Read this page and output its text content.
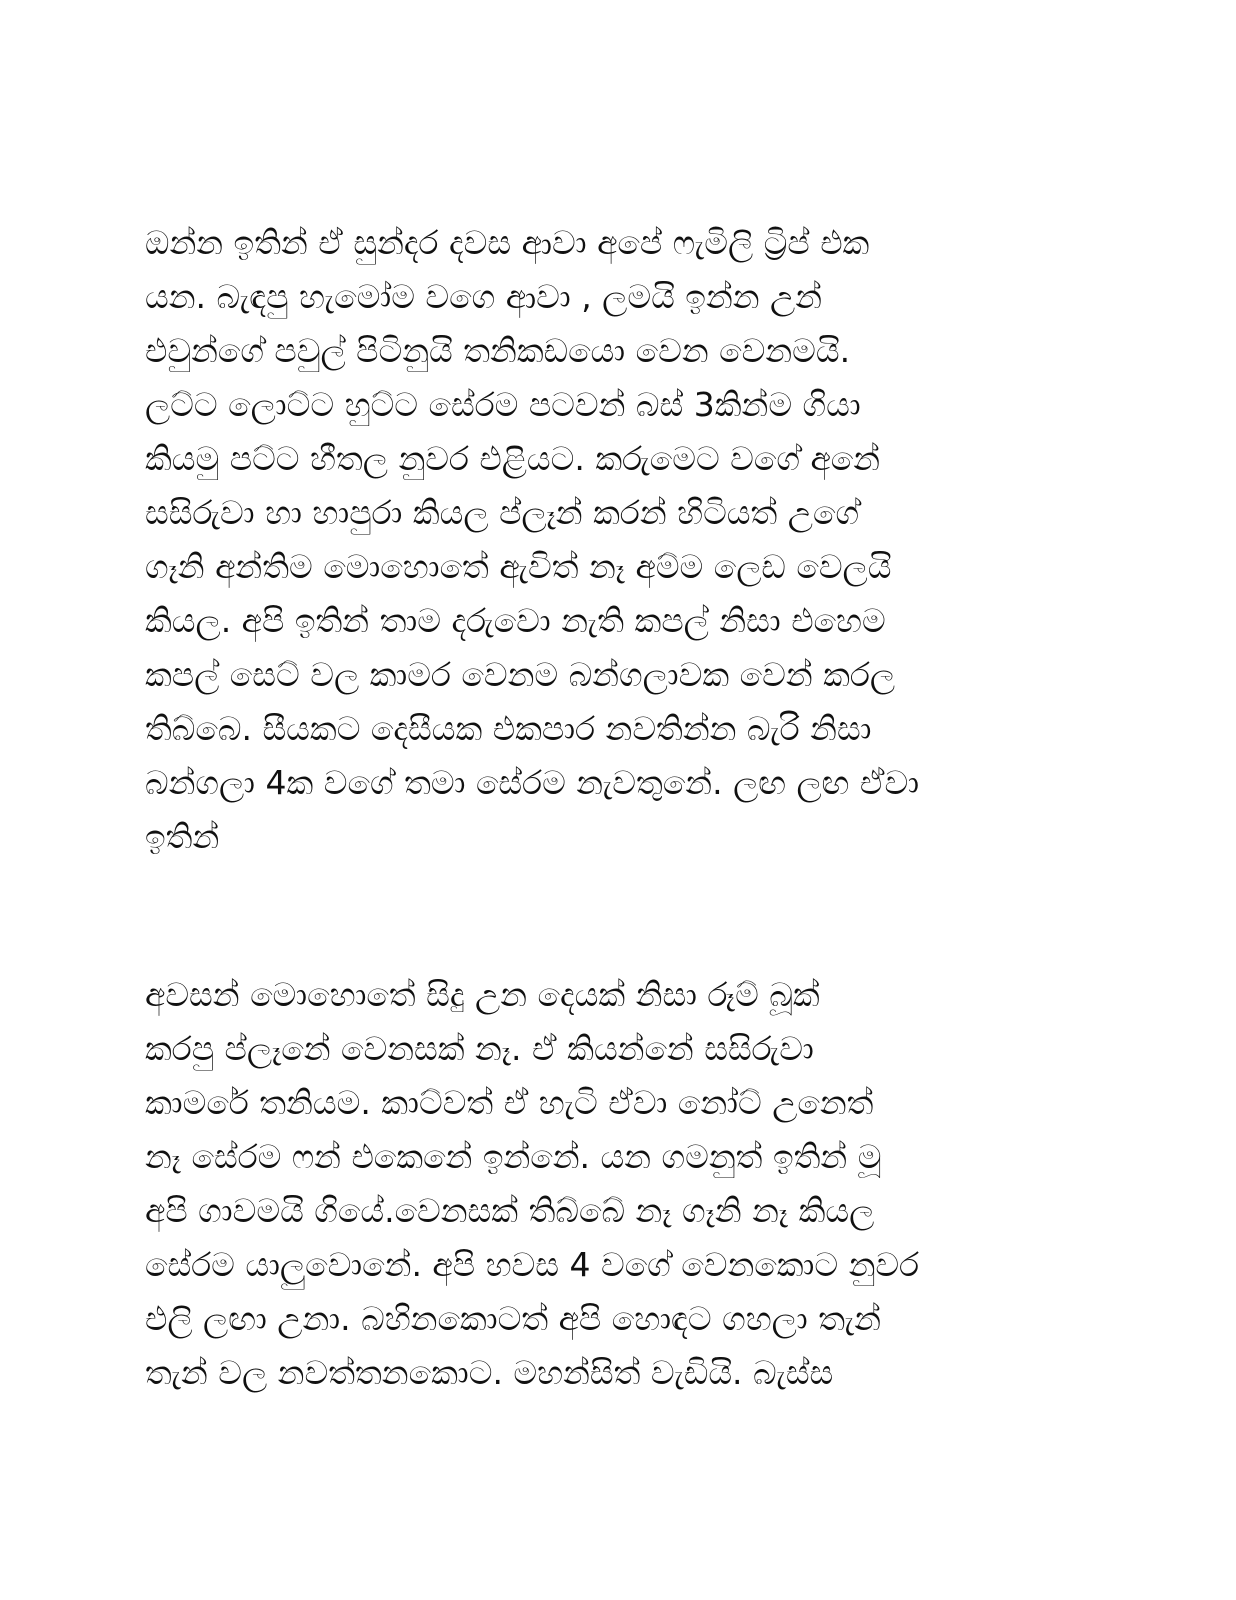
ඔන්න ඉතින් ඒ සුන්දර දවස ආවා අපේ ෆැමිලි ට්‍රිප් එක
යන. බැඳපු හැමෝම වගෙ ආවා , ලමයි ඉන්න උන්
එවුන්ගේ පවුල් පිටිනුයි තනිකඩයො වෙන වෙනමයි.
ලට්ට ලොට්ට හුට්ට සේරම පටවන් බස් 3කින්ම ගියා
කියමු පට්ට හීතල නුවර එළියට. කරුමෙට වගේ අනේ
සසිරුවා හා හාපුරා කියල ප්ලෑන් කරන් හිටියත් උගේ
ගෑනි අන්තිම මොහොතේ ඇවිත් නෑ අම්ම ලෙඩ වෙලයි
කියල. අපි ඉතින් තාම දරුවො නැති කපල් නිසා එහෙම
කපල් සෙට් වල කාමර වෙනම බන්ගලාවක වෙන් කරල
තිබ්බෙ. සීයකට දෙසීයක එකපාර නවතින්න බැරි නිසා
බන්ගලා 4ක වගේ තමා සේරම නැවතුනේ. ලඟ ලඟ ඒවා
ඉතින්
අවසන් මොහොතේ සිදු උන දෙයක් නිසා රූම් බූක්
කරපු ප්ලෑනේ වෙනසක් නෑ. ඒ කියන්නේ සසිරුවා
කාමරේ තනියම. කාට්වත් ඒ හැටි ඒවා නෝට් උනෙත්
නෑ සේරම ෆන් එකෙනේ ඉන්නේ. යන ගමනුත් ඉතින් මූ
අපි ගාවමයි ගියේ.වෙනසක් තිබ්බේ නෑ ගෑනි නෑ කියල
සේරම යාලුවොනේ. අපි හවස 4 වගේ වෙනකොට නුවර
එලි ලඟා උනා. බහිනකොටත් අපි හොඳට ගහලා තැන්
තැන් වල නවත්තනකොට. මහන්සිත් වැඩියි. බැස්ස
